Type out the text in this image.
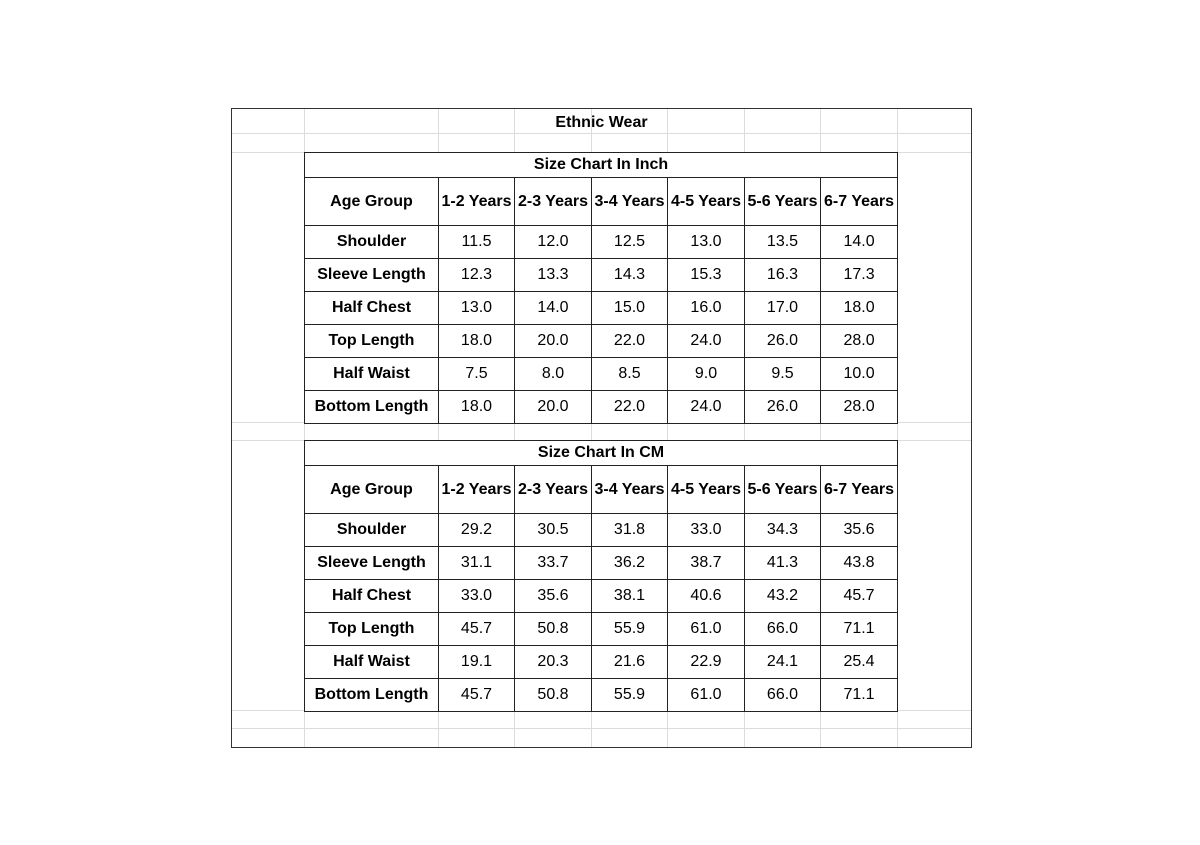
Ethnic Wear
Size Chart In Inch						
Age Group	1-2 Years	2-3 Years	3-4 Years	4-5 Years	5-6 Years	6-7 Years
Shoulder	11.5	12.0	12.5	13.0	13.5	14.0
Sleeve Length	12.3	13.3	14.3	15.3	16.3	17.3
Half Chest	13.0	14.0	15.0	16.0	17.0	18.0
Top Length	18.0	20.0	22.0	24.0	26.0	28.0
Half Waist	7.5	8.0	8.5	9.0	9.5	10.0
Bottom Length	18.0	20.0	22.0	24.0	26.0	28.0
Size Chart In CM						
Age Group	1-2 Years	2-3 Years	3-4 Years	4-5 Years	5-6 Years	6-7 Years
Shoulder	29.2	30.5	31.8	33.0	34.3	35.6
Sleeve Length	31.1	33.7	36.2	38.7	41.3	43.8
Half Chest	33.0	35.6	38.1	40.6	43.2	45.7
Top Length	45.7	50.8	55.9	61.0	66.0	71.1
Half Waist	19.1	20.3	21.6	22.9	24.1	25.4
Bottom Length	45.7	50.8	55.9	61.0	66.0	71.1
